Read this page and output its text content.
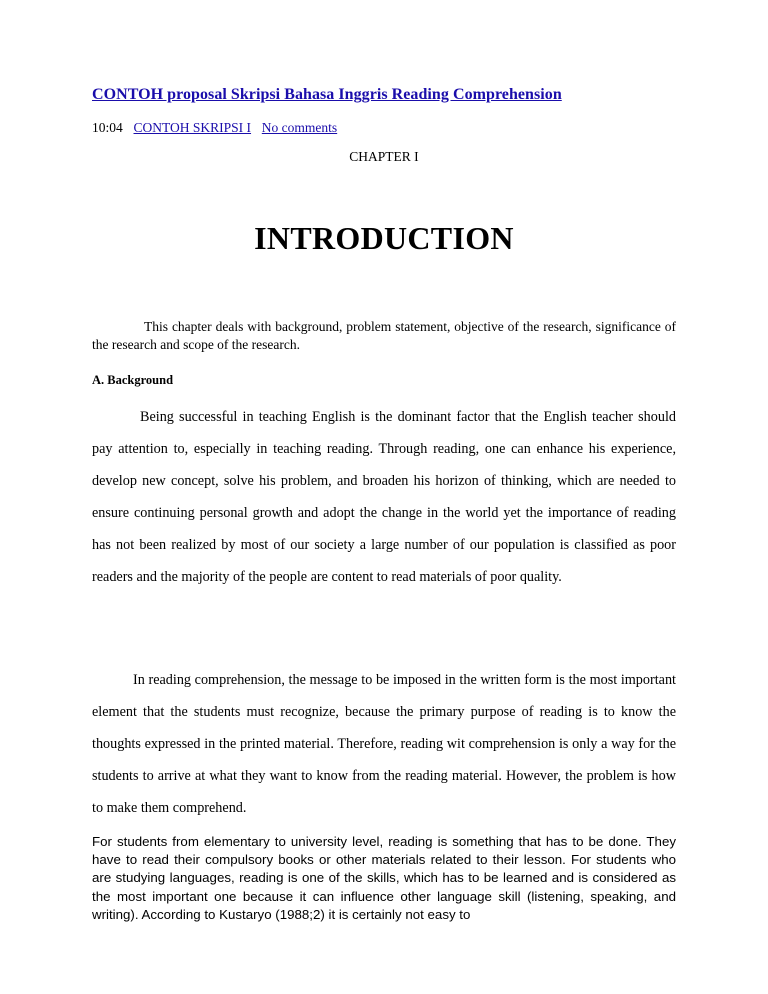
CONTOH proposal Skripsi Bahasa Inggris Reading Comprehension
10:04 CONTOH SKRIPSI I No comments
CHAPTER I
INTRODUCTION

This chapter deals with background, problem statement, objective of the research, significance of the research and scope of the research.

A. Background

Being successful in teaching English is the dominant factor that the English teacher should pay attention to, especially in teaching reading. Through reading, one can enhance his experience, develop new concept, solve his problem, and broaden his horizon of thinking, which are needed to ensure continuing personal growth and adopt the change in the world yet the importance of reading has not been realized by most of our society a large number of our population is classified as poor readers and the majority of the people are content to read materials of poor quality.

In reading comprehension, the message to be imposed in the written form is the most important element that the students must recognize, because the primary purpose of reading is to know the thoughts expressed in the printed material. Therefore, reading wit comprehension is only a way for the students to arrive at what they want to know from the reading material. However, the problem is how to make them comprehend.

For students from elementary to university level, reading is something that has to be done. They have to read their compulsory books or other materials related to their lesson. For students who are studying languages, reading is one of the skills, which has to be learned and is considered as the most important one because it can influence other language skill (listening, speaking, and writing). According to Kustaryo (1988;2) it is certainly not easy to
